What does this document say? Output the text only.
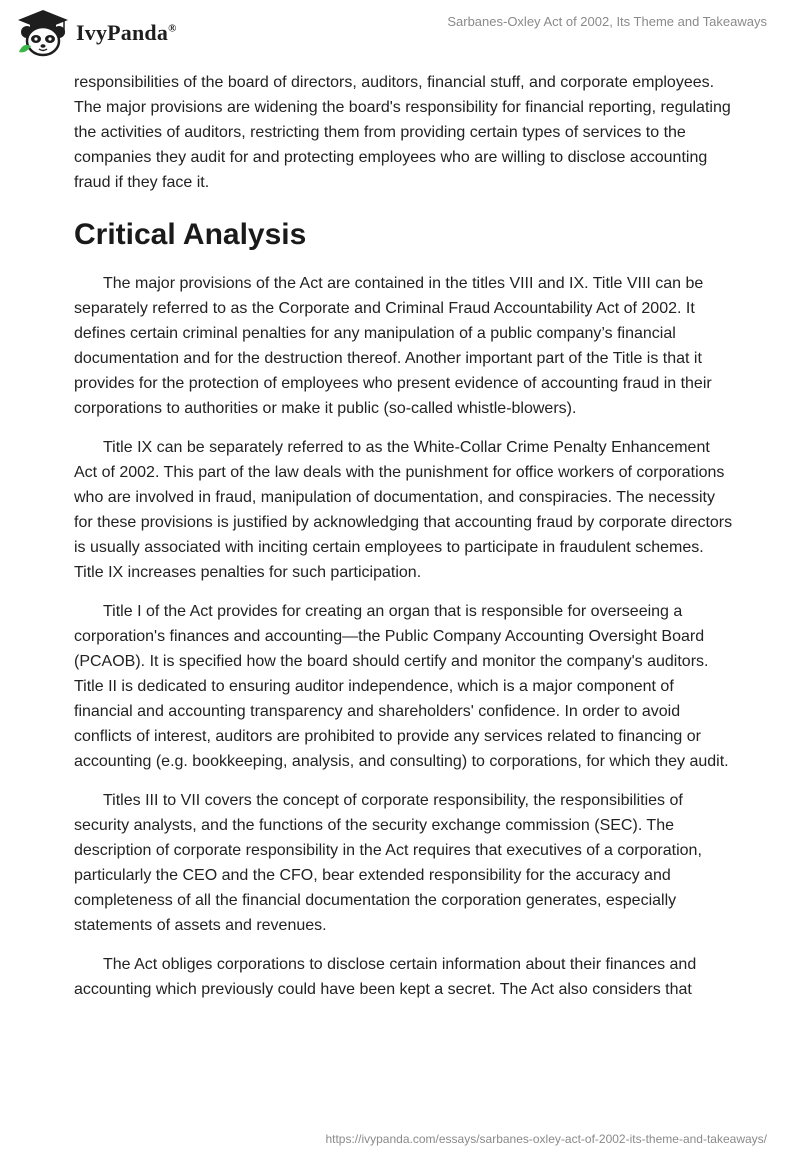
IvyPanda®	Sarbanes-Oxley Act of 2002, Its Theme and Takeaways

responsibilities of the board of directors, auditors, financial stuff, and corporate employees. The major provisions are widening the board's responsibility for financial reporting, regulating the activities of auditors, restricting them from providing certain types of services to the companies they audit for and protecting employees who are willing to disclose accounting fraud if they face it.

Critical Analysis

The major provisions of the Act are contained in the titles VIII and IX. Title VIII can be separately referred to as the Corporate and Criminal Fraud Accountability Act of 2002. It defines certain criminal penalties for any manipulation of a public company’s financial documentation and for the destruction thereof. Another important part of the Title is that it provides for the protection of employees who present evidence of accounting fraud in their corporations to authorities or make it public (so-called whistle-blowers).

Title IX can be separately referred to as the White-Collar Crime Penalty Enhancement Act of 2002. This part of the law deals with the punishment for office workers of corporations who are involved in fraud, manipulation of documentation, and conspiracies. The necessity for these provisions is justified by acknowledging that accounting fraud by corporate directors is usually associated with inciting certain employees to participate in fraudulent schemes. Title IX increases penalties for such participation.

Title I of the Act provides for creating an organ that is responsible for overseeing a corporation's finances and accounting—the Public Company Accounting Oversight Board (PCAOB). It is specified how the board should certify and monitor the company's auditors. Title II is dedicated to ensuring auditor independence, which is a major component of financial and accounting transparency and shareholders' confidence. In order to avoid conflicts of interest, auditors are prohibited to provide any services related to financing or accounting (e.g. bookkeeping, analysis, and consulting) to corporations, for which they audit.

Titles III to VII covers the concept of corporate responsibility, the responsibilities of security analysts, and the functions of the security exchange commission (SEC). The description of corporate responsibility in the Act requires that executives of a corporation, particularly the CEO and the CFO, bear extended responsibility for the accuracy and completeness of all the financial documentation the corporation generates, especially statements of assets and revenues.

The Act obliges corporations to disclose certain information about their finances and accounting which previously could have been kept a secret. The Act also considers that

https://ivypanda.com/essays/sarbanes-oxley-act-of-2002-its-theme-and-takeaways/
